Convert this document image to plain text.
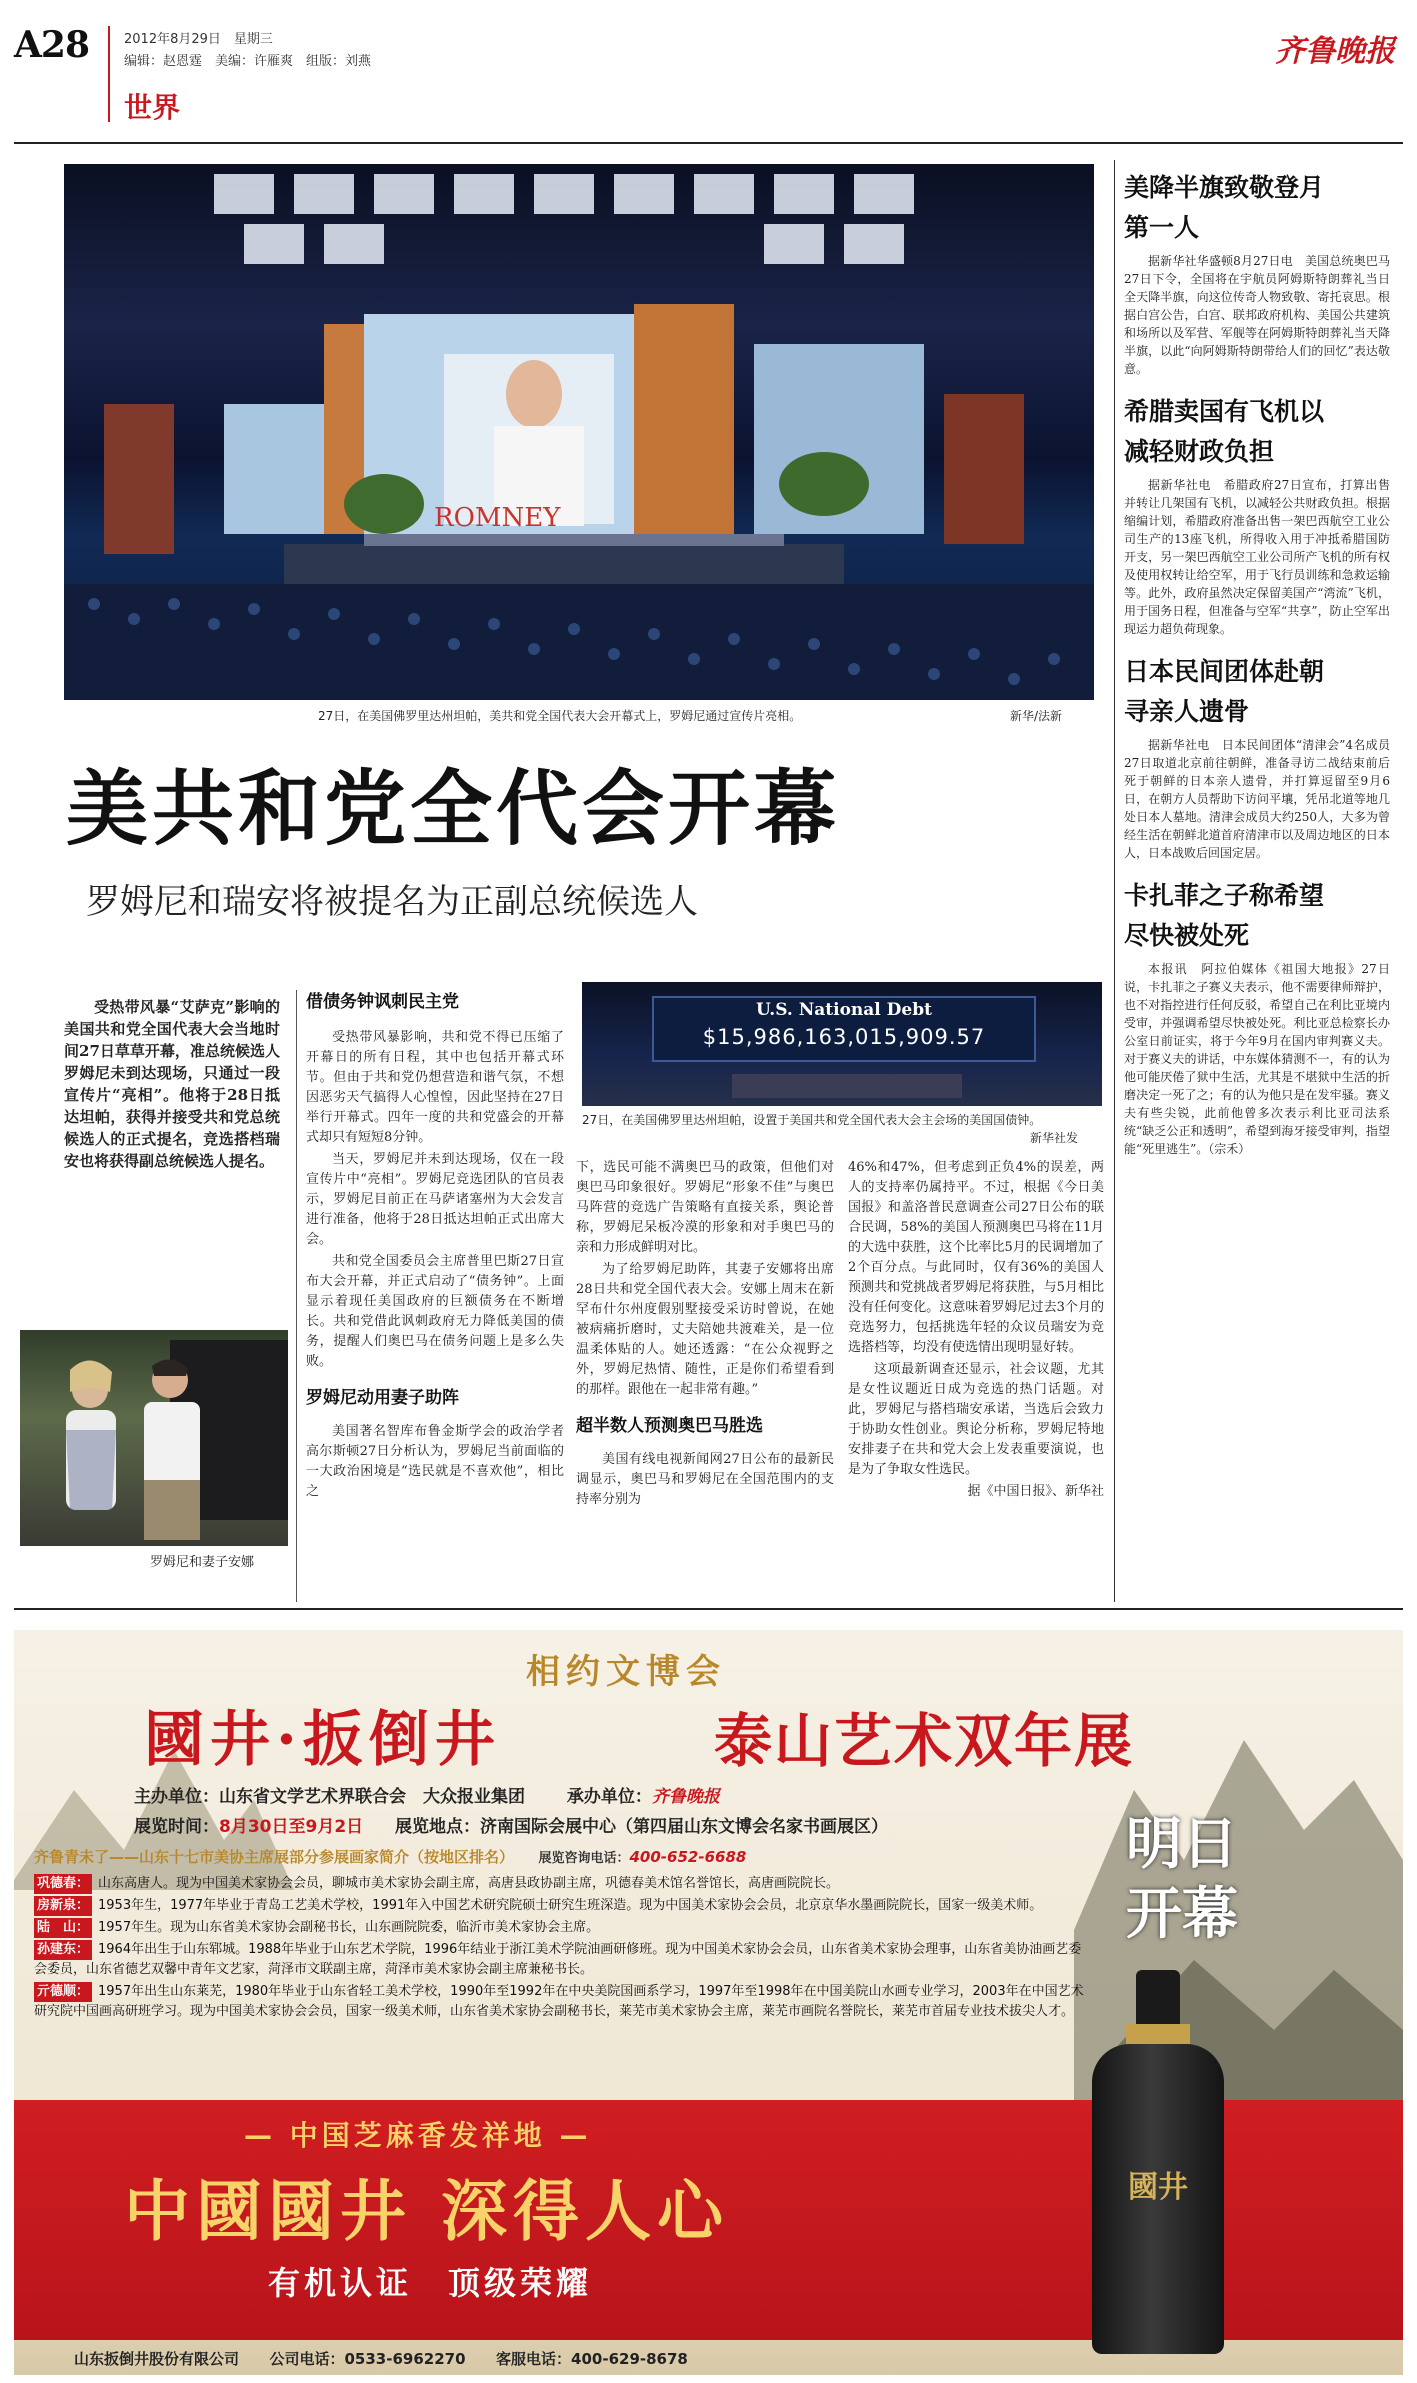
A28	2012年8月29日　 星期三
编辑：赵恩霆　美编：许雁爽　组版：刘燕
世界
齐鲁晚报
ROMNEY
27日，在美国佛罗里达州坦帕，美共和党全国代表大会开幕式上，罗姆尼通过宣传片亮相。	新华/法新
美共和党全代会开幕
罗姆尼和瑞安将被提名为正副总统候选人

受热带风暴“艾萨克”影响的美国共和党全国代表大会当地时间27日草草开幕，准总统候选人罗姆尼未到达现场，只通过一段宣传片“亮相”。他将于28日抵达坦帕，获得并接受共和党总统候选人的正式提名，竞选搭档瑞安也将获得副总统候选人提名。

罗姆尼和妻子安娜
借债务钟讽刺民主党

受热带风暴影响，共和党不得已压缩了开幕日的所有日程，其中也包括开幕式环节。但由于共和党仍想营造和谐气氛，不想因恶劣天气搞得人心惶惶，因此坚持在27日举行开幕式。四年一度的共和党盛会的开幕式却只有短短8分钟。

当天，罗姆尼并未到达现场，仅在一段宣传片中“亮相”。罗姆尼竞选团队的官员表示，罗姆尼目前正在马萨诸塞州为大会发言进行准备，他将于28日抵达坦帕正式出席大会。

共和党全国委员会主席普里巴斯27日宣布大会开幕，并正式启动了“债务钟”。上面显示着现任美国政府的巨额债务在不断增长。共和党借此讽刺政府无力降低美国的债务，提醒人们奥巴马在债务问题上是多么失败。

罗姆尼动用妻子助阵

美国著名智库布鲁金斯学会的政治学者高尔斯顿27日分析认为，罗姆尼当前面临的一大政治困境是“选民就是不喜欢他”，相比之

U.S. National Debt
$15,986,163,015,909.57
27日，在美国佛罗里达州坦帕，设置于美国共和党全国代表大会主会场的美国国债钟。
新华社发

下，选民可能不满奥巴马的政策，但他们对奥巴马印象很好。罗姆尼“形象不佳”与奥巴马阵营的竞选广告策略有直接关系，舆论普称，罗姆尼呆板冷漠的形象和对手奥巴马的亲和力形成鲜明对比。

为了给罗姆尼助阵，其妻子安娜将出席28日共和党全国代表大会。安娜上周末在新罕布什尔州度假别墅接受采访时曾说，在她被病痛折磨时，丈夫陪她共渡难关，是一位温柔体贴的人。她还透露：“在公众视野之外，罗姆尼热情、随性，正是你们希望看到的那样。跟他在一起非常有趣。”

超半数人预测奥巴马胜选

美国有线电视新闻网27日公布的最新民调显示，奥巴马和罗姆尼在全国范围内的支持率分别为

46%和47%，但考虑到正负4%的误差，两人的支持率仍属持平。不过，根据《今日美国报》和盖洛普民意调查公司27日公布的联合民调，58%的美国人预测奥巴马将在11月的大选中获胜，这个比率比5月的民调增加了2个百分点。与此同时，仅有36%的美国人预测共和党挑战者罗姆尼将获胜，与5月相比没有任何变化。这意味着罗姆尼过去3个月的竞选努力，包括挑选年轻的众议员瑞安为竞选搭档等，均没有使选情出现明显好转。

这项最新调查还显示，社会议题，尤其是女性议题近日成为竞选的热门话题。对此，罗姆尼与搭档瑞安承诺，当选后会致力于协助女性创业。舆论分析称，罗姆尼特地安排妻子在共和党大会上发表重要演说，也是为了争取女性选民。

据《中国日报》、新华社
美降半旗致敬登月第一人

据新华社华盛顿8月27日电　美国总统奥巴马27日下令，全国将在宇航员阿姆斯特朗葬礼当日全天降半旗，向这位传奇人物致敬、寄托哀思。根据白宫公告，白宫、联邦政府机构、美国公共建筑和场所以及军营、军舰等在阿姆斯特朗葬礼当天降半旗，以此“向阿姆斯特朗带给人们的回忆”表达敬意。

希腊卖国有飞机以减轻财政负担

据新华社电　希腊政府27日宣布，打算出售并转让几架国有飞机，以减轻公共财政负担。根据缩编计划，希腊政府准备出售一架巴西航空工业公司生产的13座飞机，所得收入用于冲抵希腊国防开支，另一架巴西航空工业公司所产飞机的所有权及使用权转让给空军，用于飞行员训练和急救运输等。此外，政府虽然决定保留美国产“湾流”飞机，用于国务日程，但准备与空军“共享”，防止空军出现运力超负荷现象。

日本民间团体赴朝寻亲人遗骨

据新华社电　日本民间团体“清津会”4名成员27日取道北京前往朝鲜，准备寻访二战结束前后死于朝鲜的日本亲人遗骨，并打算逗留至9月6日，在朝方人员帮助下访问平壤，凭吊北道等地几处日本人墓地。清津会成员大约250人，大多为曾经生活在朝鲜北道首府清津市以及周边地区的日本人，日本战败后回国定居。

卡扎菲之子称希望尽快被处死

本报讯　阿拉伯媒体《祖国大地报》27日说，卡扎菲之子赛义夫表示，他不需要律师辩护，也不对指控进行任何反驳，希望自己在利比亚境内受审，并强调希望尽快被处死。利比亚总检察长办公室日前证实，将于今年9月在国内审判赛义夫。对于赛义夫的讲话，中东媒体猜测不一，有的认为他可能厌倦了狱中生活，尤其是不堪狱中生活的折磨决定一死了之；有的认为他只是在发牢骚。赛义夫有些尖锐，此前他曾多次表示利比亚司法系统“缺乏公正和透明”，希望到海牙接受审判，指望能“死里逃生”。（宗禾）

相约文博会
國井·扳倒井	泰山艺术双年展
主办单位：山东省文学艺术界联合会　大众报业集团 承办单位：齐鲁晚报
展览时间：8月30日至9月2日 展览地点：济南国际会展中心（第四届山东文博会名家书画展区）	明日开幕
齐鲁青未了——山东十七市美协主席展部分参展画家简介（按地区排名） 展览咨询电话：400-652-6688
巩德春： 山东高唐人。现为中国美术家协会会员，聊城市美术家协会副主席，高唐县政协副主席，巩德春美术馆名誉馆长，高唐画院院长。
房新泉： 1953年生，1977年毕业于青岛工艺美术学校，1991年入中国艺术研究院硕士研究生班深造。现为中国美术家协会会员，北京京华水墨画院院长，国家一级美术师。
陆　山： 1957年生。现为山东省美术家协会副秘书长，山东画院院委，临沂市美术家协会主席。
孙建东： 1964年出生于山东郓城。1988年毕业于山东艺术学院，1996年结业于浙江美术学院油画研修班。现为中国美术家协会会员，山东省美术家协会理事，山东省美协油画艺委会委员，山东省德艺双馨中青年文艺家，菏泽市文联副主席，菏泽市美术家协会副主席兼秘书长。
亓德顺： 1957年出生山东莱芜，1980年毕业于山东省轻工美术学校，1990年至1992年在中央美院国画系学习，1997年至1998年在中国美院山水画专业学习，2003年在中国艺术研究院中国画高研班学习。现为中国美术家协会会员，国家一级美术师，山东省美术家协会副秘书长，莱芜市美术家协会主席，莱芜市画院名誉院长，莱芜市首届专业技术拔尖人才。
— 中国芝麻香发祥地 —
中國國井 深得人心
有机认证　顶级荣耀
國井
山东扳倒井股份有限公司 公司电话：0533-6962270 客服电话：400-629-8678
